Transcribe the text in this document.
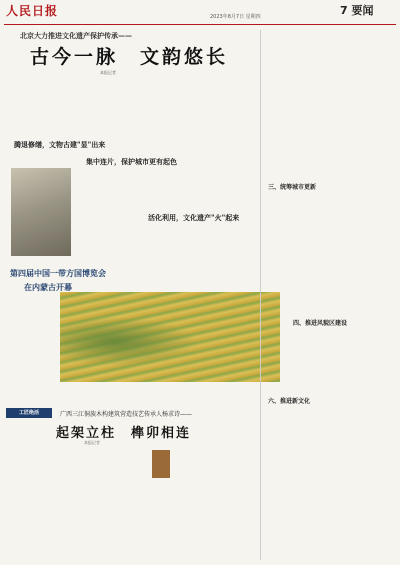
人民日报	2023年8月7日 星期四	7 要闻
北京大力推进文化遗产保护传承——
古今一脉　文韵悠长
本报记者　
腾退修缮，文物古建"显"出来
集中连片，保护城市更有起色
活化利用，文化遗产"火"起来
第四届中国一带方国博览会
在内蒙古开幕
工匠绝活	广西三江侗族木构建筑营造技艺传承人杨求诗——
起架立柱　榫卯相连
本报记者　
三、统筹城市更新
四、推进风貌区建设
六、推进新文化
